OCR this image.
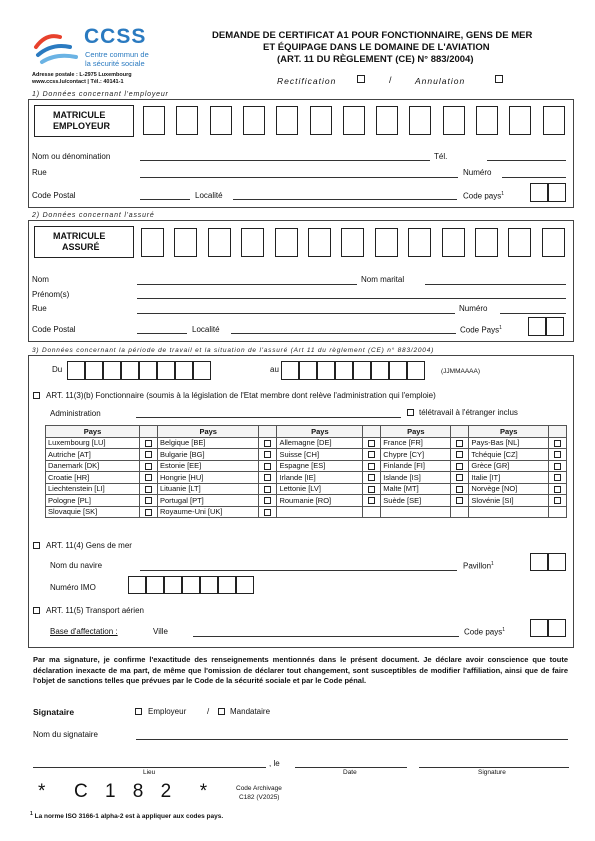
CCSS
Centre commun de
la sécurité sociale
Adresse postale : L-2975 Luxembourg
www.ccss.lu/contact | Tél.: 40141-1
DEMANDE DE CERTIFICAT A1 POUR FONCTIONNAIRE, GENS DE MER
ET ÉQUIPAGE DANS LE DOMAINE DE L'AVIATION
(ART. 11 DU RÈGLEMENT (CE) N° 883/2004)
Rectification	/	Annulation
1) Données concernant l'employeur
MATRICULE
EMPLOYEUR
Nom ou dénomination	Tél.
Rue	Numéro
Code Postal	Localité	Code pays$^1$
2) Données concernant l'assuré
MATRICULE
ASSURÉ
Nom	Nom marital
Prénom(s)
Rue	Numéro
Code Postal	Localité	Code Pays$^1$
3) Données concernant la période de travail et la situation de l'assuré (Art 11 du règlement (CE) n° 883/2004)
Du	au	(JJMMAAAA)
ART. 11(3)(b) Fonctionnaire (soumis à la législation de l'Etat membre dont relève l'administration qui l'emploie)
Administration	télétravail à l'étranger inclus
Pays		Pays		Pays		Pays		Pays	
Luxembourg [LU]		Belgique [BE]		Allemagne [DE]		France [FR]		Pays-Bas [NL]	
Autriche [AT]		Bulgarie [BG]		Suisse [CH]		Chypre [CY]		Tchéquie [CZ]	
Danemark [DK]		Estonie [EE]		Espagne [ES]		Finlande [FI]		Grèce [GR]	
Croatie [HR]		Hongrie [HU]		Irlande [IE]		Islande [IS]		Italie [IT]	
Liechtenstein [LI]		Lituanie [LT]		Lettonie [LV]		Malte [MT]		Norvège [NO]	
Pologne [PL]		Portugal [PT]		Roumanie [RO]		Suède [SE]		Slovénie [SI]	
Slovaquie [SK]		Royaume-Uni [UK]							
ART. 11(4) Gens de mer
Nom du navire	Pavillon$^1$
Numéro IMO
ART. 11(5) Transport aérien
Base d'affectation :	Ville	Code pays$^1$
Par ma signature, je confirme l'exactitude des renseignements mentionnés dans le présent document. Je déclare avoir conscience que toute déclaration inexacte de ma part, de même que l'omission de déclarer tout changement, sont susceptibles de modifier l'affiliation, ainsi que de faire l'objet de sanctions telles que prévues par le Code de la sécurité sociale et par le Code pénal.
Signataire	Employeur	/	Mandataire
Nom du signataire
, le
Lieu	Date	Signature
*  C 1 8 2  *	Code Archivage
C182 (V2025)
$^1$ La norme ISO 3166-1 alpha-2 est à appliquer aux codes pays.
